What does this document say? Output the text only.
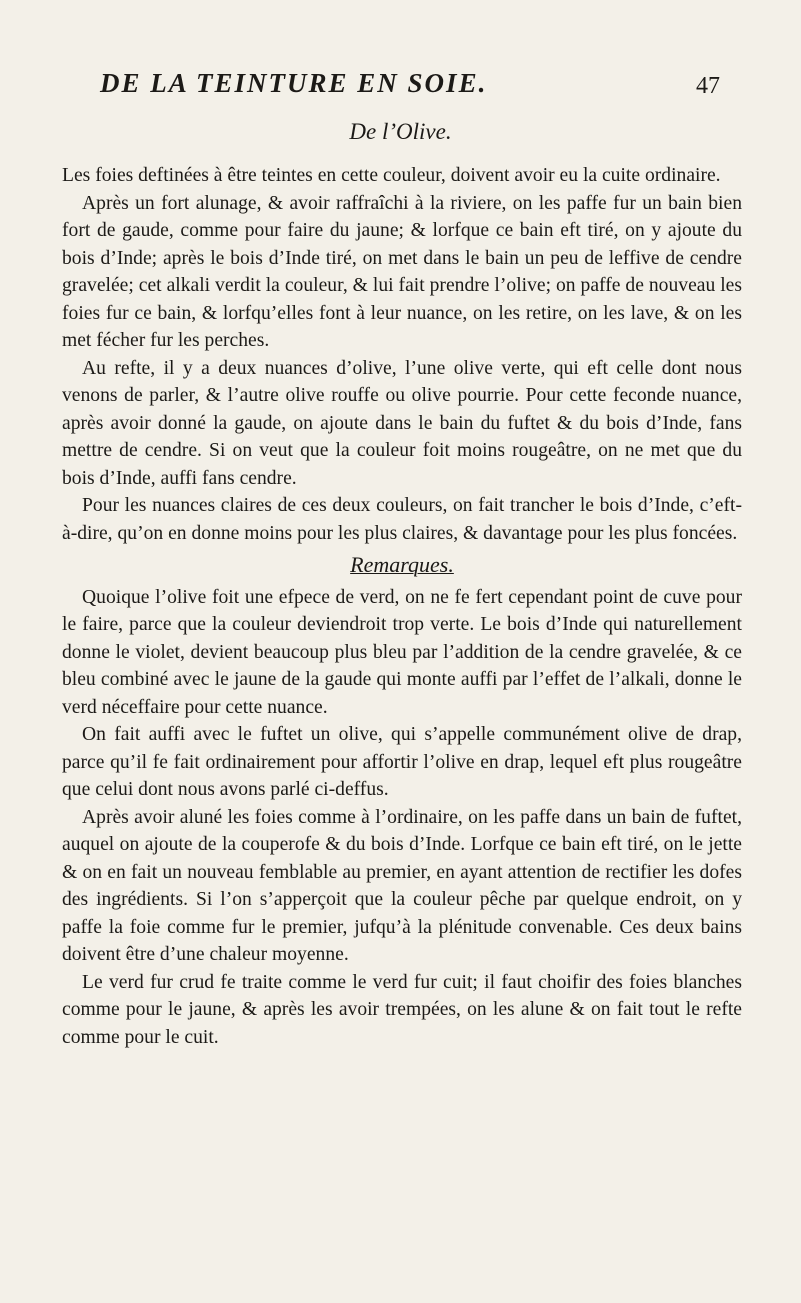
DE LA TEINTURE EN SOIE.	47
De l’Olive.

Les foies deftinées à être teintes en cette couleur, doivent avoir eu la cuite ordinaire.

Après un fort alunage, & avoir raffraîchi à la riviere, on les paffe fur un bain bien fort de gaude, comme pour faire du jaune; & lorfque ce bain eft tiré, on y ajoute du bois d’Inde; après le bois d’Inde tiré, on met dans le bain un peu de leffive de cendre gravelée; cet alkali verdit la couleur, & lui fait prendre l’olive; on paffe de nouveau les foies fur ce bain, & lorfqu’elles font à leur nuance, on les retire, on les lave, & on les met fécher fur les perches.

Au refte, il y a deux nuances d’olive, l’une olive verte, qui eft celle dont nous venons de parler, & l’autre olive rouffe ou olive pourrie. Pour cette feconde nuance, après avoir donné la gaude, on ajoute dans le bain du fuftet & du bois d’Inde, fans mettre de cendre. Si on veut que la couleur foit moins rougeâtre, on ne met que du bois d’Inde, auffi fans cendre.

Pour les nuances claires de ces deux couleurs, on fait trancher le bois d’Inde, c’eft-à-dire, qu’on en donne moins pour les plus claires, & davantage pour les plus foncées.

Remarques.

Quoique l’olive foit une efpece de verd, on ne fe fert cependant point de cuve pour le faire, parce que la couleur deviendroit trop verte. Le bois d’Inde qui naturellement donne le violet, devient beaucoup plus bleu par l’addition de la cendre gravelée, & ce bleu combiné avec le jaune de la gaude qui monte auffi par l’effet de l’alkali, donne le verd néceffaire pour cette nuance.

On fait auffi avec le fuftet un olive, qui s’appelle communément olive de drap, parce qu’il fe fait ordinairement pour affortir l’olive en drap, lequel eft plus rougeâtre que celui dont nous avons parlé ci-deffus.

Après avoir aluné les foies comme à l’ordinaire, on les paffe dans un bain de fuftet, auquel on ajoute de la couperofe & du bois d’Inde. Lorfque ce bain eft tiré, on le jette & on en fait un nouveau femblable au premier, en ayant attention de rectifier les dofes des ingrédients. Si l’on s’apperçoit que la couleur pêche par quelque endroit, on y paffe la foie comme fur le premier, jufqu’à la plénitude convenable. Ces deux bains doivent être d’une chaleur moyenne.

Le verd fur crud fe traite comme le verd fur cuit; il faut choifir des foies blanches comme pour le jaune, & après les avoir trempées, on les alune & on fait tout le refte comme pour le cuit.
